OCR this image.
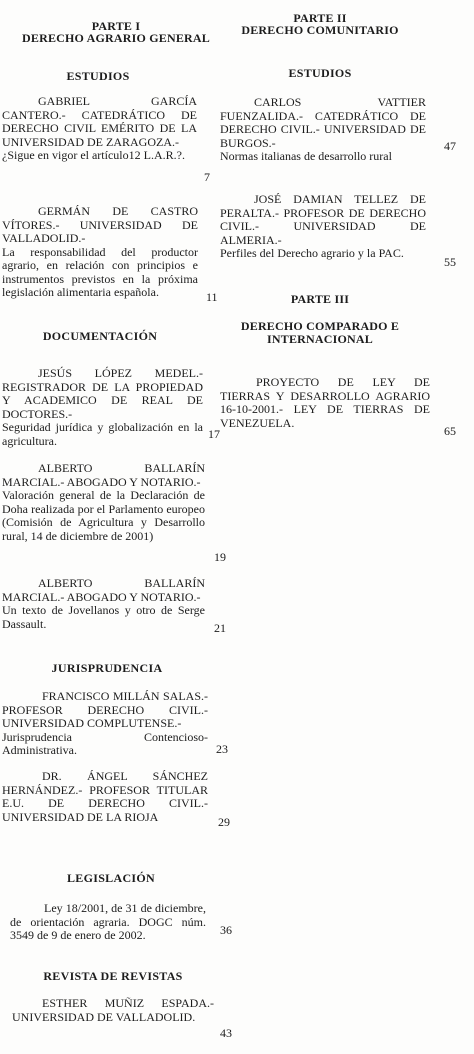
PARTE I
DERECHO AGRARIO GENERAL
ESTUDIOS
GABRIEL GARCÍA CANTERO.- CATEDRÁTICO DE DERECHO CIVIL EMÉRITO DE LA UNIVERSIDAD DE ZARAGOZA.-
¿Sigue en vigor el artículo12 L.A.R.?.
7
GERMÁN DE CASTRO VÍTORES.- UNIVERSIDAD DE VALLADOLID.-
La responsabilidad del productor agrario, en relación con principios e instrumentos previstos en la próxima legislación alimentaria española.	11
DOCUMENTACIÓN
JESÚS LÓPEZ MEDEL.- REGISTRADOR DE LA PROPIEDAD Y ACADEMICO DE REAL DE DOCTORES.-
Seguridad jurídica y globalización en la agricultura.	17
ALBERTO BALLARÍN MARCIAL.- ABOGADO Y NOTARIO.-
Valoración general de la Declaración de Doha realizada por el Parlamento europeo (Comisión de Agricultura y Desarrollo rural, 14 de diciembre de 2001)
19
ALBERTO BALLARÍN MARCIAL.- ABOGADO Y NOTARIO.-
Un texto de Jovellanos y otro de Serge Dassault.	21
JURISPRUDENCIA
FRANCISCO MILLÁN SALAS.- PROFESOR DERECHO CIVIL.- UNIVERSIDAD COMPLUTENSE.-
Jurisprudencia Contencioso-Administrativa.	23
DR. ÁNGEL SÁNCHEZ HERNÁNDEZ.- PROFESOR TITULAR E.U. DE DERECHO CIVIL.- UNIVERSIDAD DE LA RIOJA	29
LEGISLACIÓN
Ley 18/2001, de 31 de diciembre, de orientación agraria. DOGC núm. 3549 de 9 de enero de 2002.	36
REVISTA DE REVISTAS
ESTHER MUÑIZ ESPADA.- UNIVERSIDAD DE VALLADOLID.
43
PARTE II
DERECHO COMUNITARIO
ESTUDIOS
CARLOS VATTIER FUENZALIDA.- CATEDRÁTICO DE DERECHO CIVIL.- UNIVERSIDAD DE BURGOS.-
Normas italianas de desarrollo rural
47
JOSÉ DAMIAN TELLEZ DE PERALTA.- PROFESOR DE DERECHO CIVIL.- UNIVERSIDAD DE ALMERIA.-
Perfiles del Derecho agrario y la PAC.
55
PARTE III
DERECHO COMPARADO E INTERNACIONAL
PROYECTO DE LEY DE TIERRAS Y DESARROLLO AGRARIO 16-10-2001.- LEY DE TIERRAS DE VENEZUELA.
65
